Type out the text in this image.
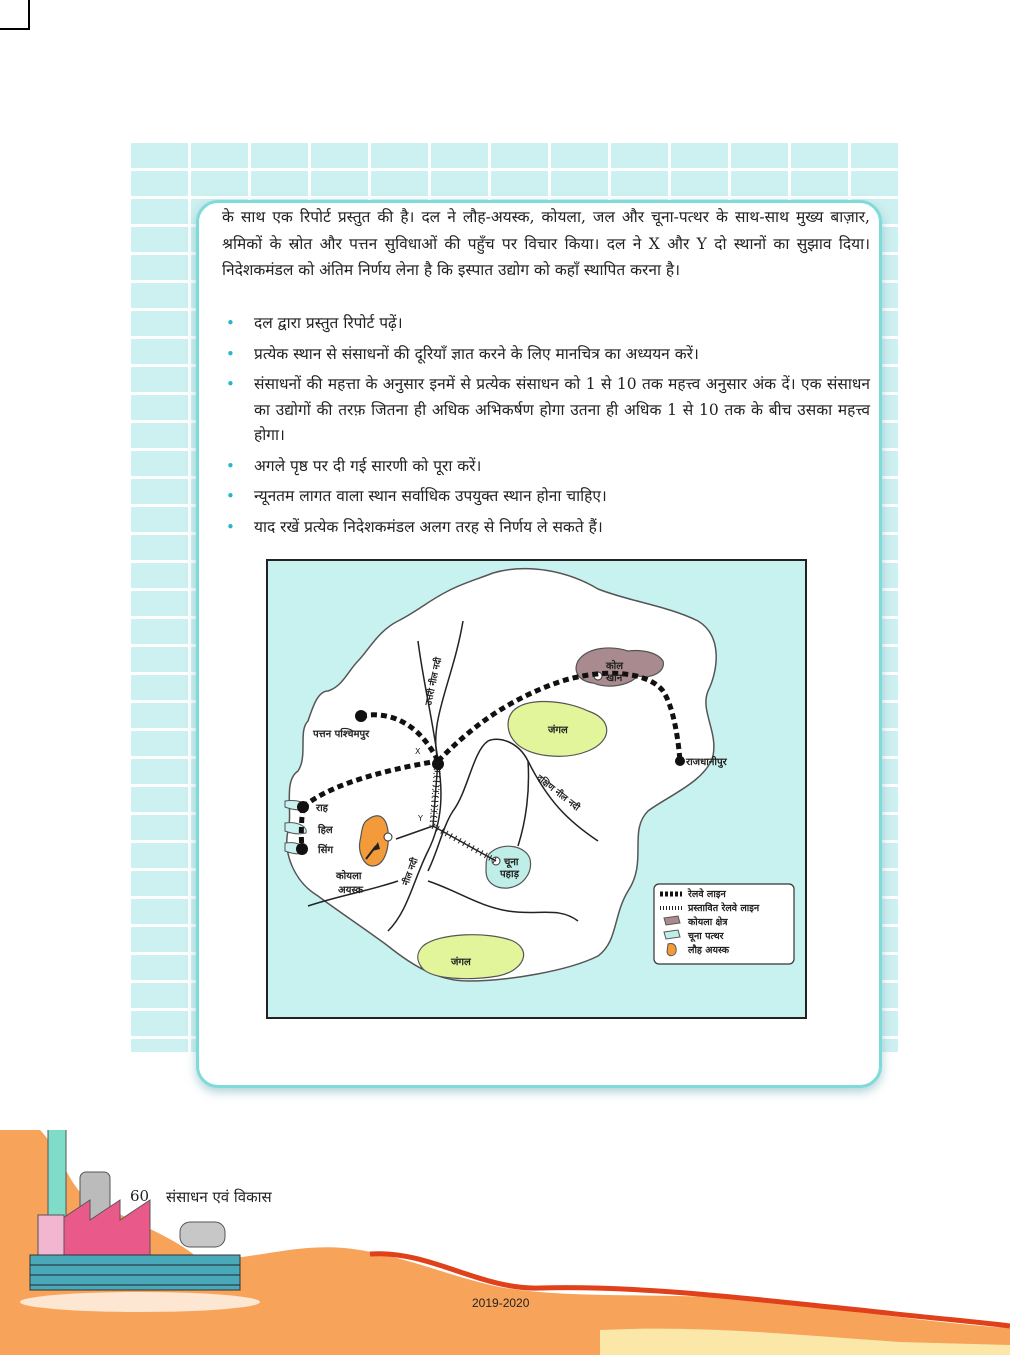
के साथ एक रिपोर्ट प्रस्तुत की है। दल ने लौह-अयस्क, कोयला, जल और चूना-पत्थर के साथ-साथ मुख्य बाज़ार, श्रमिकों के स्रोत और पत्तन सुविधाओं की पहुँच पर विचार किया। दल ने X और Y दो स्थानों का सुझाव दिया। निदेशकमंडल को अंतिम निर्णय लेना है कि इस्पात उद्योग को कहाँ स्थापित करना है।

• दल द्वारा प्रस्तुत रिपोर्ट पढ़ें।
• प्रत्येक स्थान से संसाधनों की दूरियाँ ज्ञात करने के लिए मानचित्र का अध्ययन करें।
• संसाधनों की महत्ता के अनुसार इनमें से प्रत्येक संसाधन को 1 से 10 तक महत्त्व अनुसार अंक दें। एक संसाधन का उद्योगों की तरफ़ जितना ही अधिक अभिकर्षण होगा उतना ही अधिक 1 से 10 तक के बीच उसका महत्त्व होगा।
• अगले पृष्ठ पर दी गई सारणी को पूरा करें।
• न्यूनतम लागत वाला स्थान सर्वाधिक उपयुक्त स्थान होना चाहिए।
• याद रखें प्रत्येक निदेशकमंडल अलग तरह से निर्णय ले सकते हैं।
कोल
खान
पत्तन पश्चिमपुर
उत्तरी नील नदी
जंगल
राजधानीपुर
X
दक्षिण नील नदी
Y
राह
हिल
सिंग
कोयला
अयस्क
नील नदी	चूना
पहाड़
जंगल
रेलवे लाइन
प्रस्तावित रेलवे लाइन
कोयला क्षेत्र
चूना पत्थर
लौह अयस्क
60 संसाधन एवं विकास
2019-2020
